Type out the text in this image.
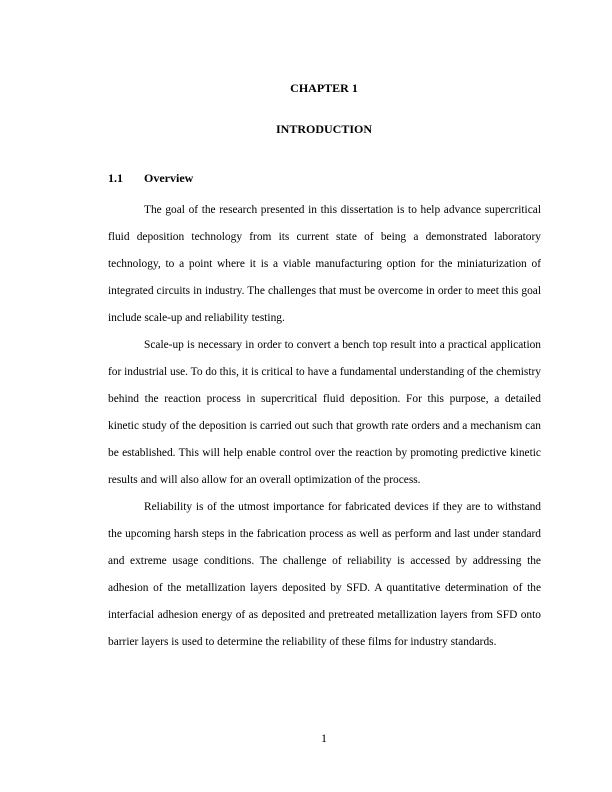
CHAPTER 1
INTRODUCTION
1.1 Overview

The goal of the research presented in this dissertation is to help advance supercritical fluid deposition technology from its current state of being a demonstrated laboratory technology, to a point where it is a viable manufacturing option for the miniaturization of integrated circuits in industry. The challenges that must be overcome in order to meet this goal include scale-up and reliability testing.

Scale-up is necessary in order to convert a bench top result into a practical application for industrial use. To do this, it is critical to have a fundamental understanding of the chemistry behind the reaction process in supercritical fluid deposition. For this purpose, a detailed kinetic study of the deposition is carried out such that growth rate orders and a mechanism can be established. This will help enable control over the reaction by promoting predictive kinetic results and will also allow for an overall optimization of the process.

Reliability is of the utmost importance for fabricated devices if they are to withstand the upcoming harsh steps in the fabrication process as well as perform and last under standard and extreme usage conditions. The challenge of reliability is accessed by addressing the adhesion of the metallization layers deposited by SFD. A quantitative determination of the interfacial adhesion energy of as deposited and pretreated metallization layers from SFD onto barrier layers is used to determine the reliability of these films for industry standards.

1
